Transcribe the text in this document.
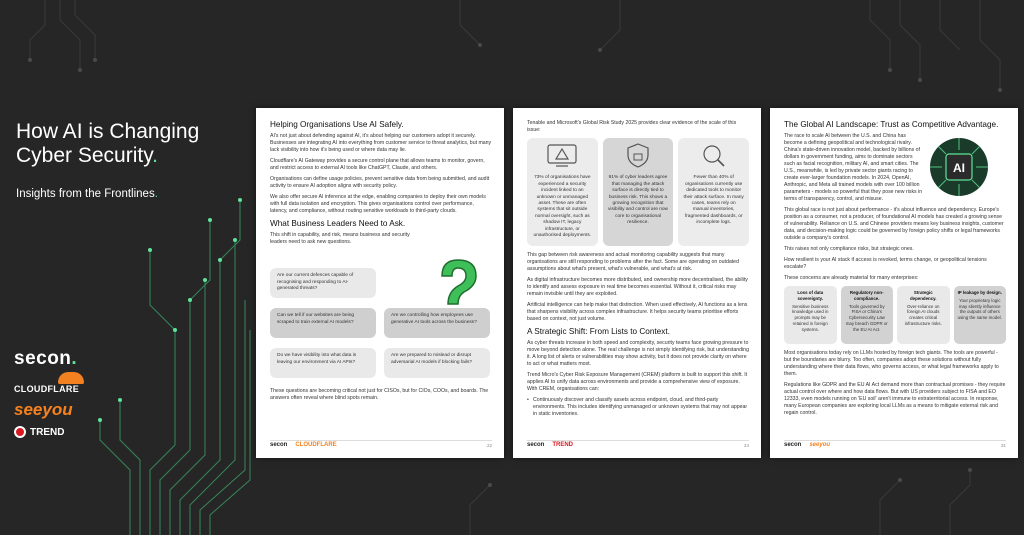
How AI is Changing
Cyber Security.
Insights from the Frontlines.
secon.
CLOUDFLARE
seeyou
TREND
Helping Organisations Use AI Safely.
AI's not just about defending against AI, it's about helping our customers adopt it securely. Businesses are integrating AI into everything from customer service to threat analytics, but many lack visibility into how it's being used or where data may lie.
Cloudflare's AI Gateway provides a secure control plane that allows teams to monitor, govern, and restrict access to external AI tools like ChatGPT, Claude, and others.
Organisations can define usage policies, prevent sensitive data from being submitted, and audit activity to ensure AI adoption aligns with security policy.
We also offer secure AI inference at the edge, enabling companies to deploy their own models with full data isolation and encryption. This gives organisations control over performance, latency, and compliance, without routing sensitive workloads to third-party clouds.
What Business Leaders Need to Ask.
This shift in capability, and risk, means business and security leaders need to ask new questions.
Are our current defences capable of recognising and responding to AI-generated threats?
Can we tell if our websites are being scraped to train external AI models?
Are we controlling how employees use generative AI tools across the business?
Do we have visibility into what data is leaving our environment via AI APIs?
Are we prepared to mislead or disrupt adversarial AI models if blocking fails?
These questions are becoming critical not just for CISOs, but for CIOs, COOs, and boards. The answers often reveal where blind spots remain.
secon CLOUDFLARE	22
Tenable and Microsoft's Global Risk Study 2025 provides clear evidence of the scale of this issue:
73% of organisations have experienced a security incident linked to an unknown or unmanaged asset. These are often systems that sit outside normal oversight, such as shadow IT, legacy infrastructure, or unauthorised deployments.
91% of cyber leaders agree that managing the attack surface is directly tied to business risk. This shows a growing recognition that visibility and control are now core to organisational resilience.
Fewer than 40% of organisations currently use dedicated tools to monitor their attack surface. In many cases, teams rely on manual inventories, fragmented dashboards, or incomplete logs.
This gap between risk awareness and actual monitoring capability suggests that many organisations are still responding to problems after the fact. Some are operating on outdated assumptions about what's present, what's vulnerable, and what's at risk.
As digital infrastructure becomes more distributed, and ownership more decentralised, the ability to identify and assess exposure in real time becomes essential. Without it, critical risks may remain invisible until they are exploited.
Artificial intelligence can help make that distinction. When used effectively, AI functions as a lens that sharpens visibility across complex infrastructure. It helps security teams prioritise efforts based on context, not just volume.
A Strategic Shift: From Lists to Context.
As cyber threats increase in both speed and complexity, security teams face growing pressure to move beyond detection alone. The real challenge is not simply identifying risk, but understanding it. A long list of alerts or vulnerabilities may show activity, but it does not provide clarity on where to act or what matters most.
Trend Micro's Cyber Risk Exposure Management (CREM) platform is built to support this shift. It applies AI to unify data across environments and provide a comprehensive view of exposure. With CREM, organisations can:
• Continuously discover and classify assets across endpoint, cloud, and third-party environments. This includes identifying unmanaged or unknown systems that may not appear in static inventories.
secon TREND	24
The Global AI Landscape: Trust as Competitive Advantage.
The race to scale AI between the U.S. and China has become a defining geopolitical and technological rivalry. China's state-driven innovation model, backed by billions of dollars in government funding, aims to dominate sectors such as facial recognition, military AI, and smart cities. The U.S., meanwhile, is led by private sector giants racing to create ever-larger foundation models. In 2024, OpenAI, Anthropic, and Meta all trained models with over 100 billion parameters - models so powerful that they pose new risks in terms of transparency, control, and misuse.
This global race is not just about performance - it's about influence and dependency. Europe's position as a consumer, not a producer, of foundational AI models has created a growing sense of vulnerability. Reliance on U.S. and Chinese providers means key business insights, customer data, and decision-making logic could be governed by foreign policy shifts or legal frameworks outside a company's control.
This raises not only compliance risks, but strategic ones.
How resilient is your AI stack if access is revoked, terms change, or geopolitical tensions escalate?
These concerns are already material for many enterprises:
Loss of data sovereignty.
Sensitive business knowledge used in prompts may be retained in foreign systems.
Regulatory non-compliance.
Tools governed by FISA or China's Cybersecurity Law may breach GDPR or the EU AI Act.
Strategic dependency.
Over-reliance on foreign AI clouds creates critical infrastructure risks.
IP leakage by design.
Your proprietary logic may silently influence the outputs of others using the same model.
Most organisations today rely on LLMs hosted by foreign tech giants. The tools are powerful - but the boundaries are blurry. Too often, companies adopt these solutions without fully understanding where their data flows, who governs access, or what legal frameworks apply to them.
Regulations like GDPR and the EU AI Act demand more than contractual promises - they require actual control over where and how data flows. But with US providers subject to FISA and EO 12333, even models running on 'EU soil' aren't immune to extraterritorial access. In response, many European companies are exploring local LLMs as a means to mitigate external risk and regain control.
AI
secon seeyou	31
